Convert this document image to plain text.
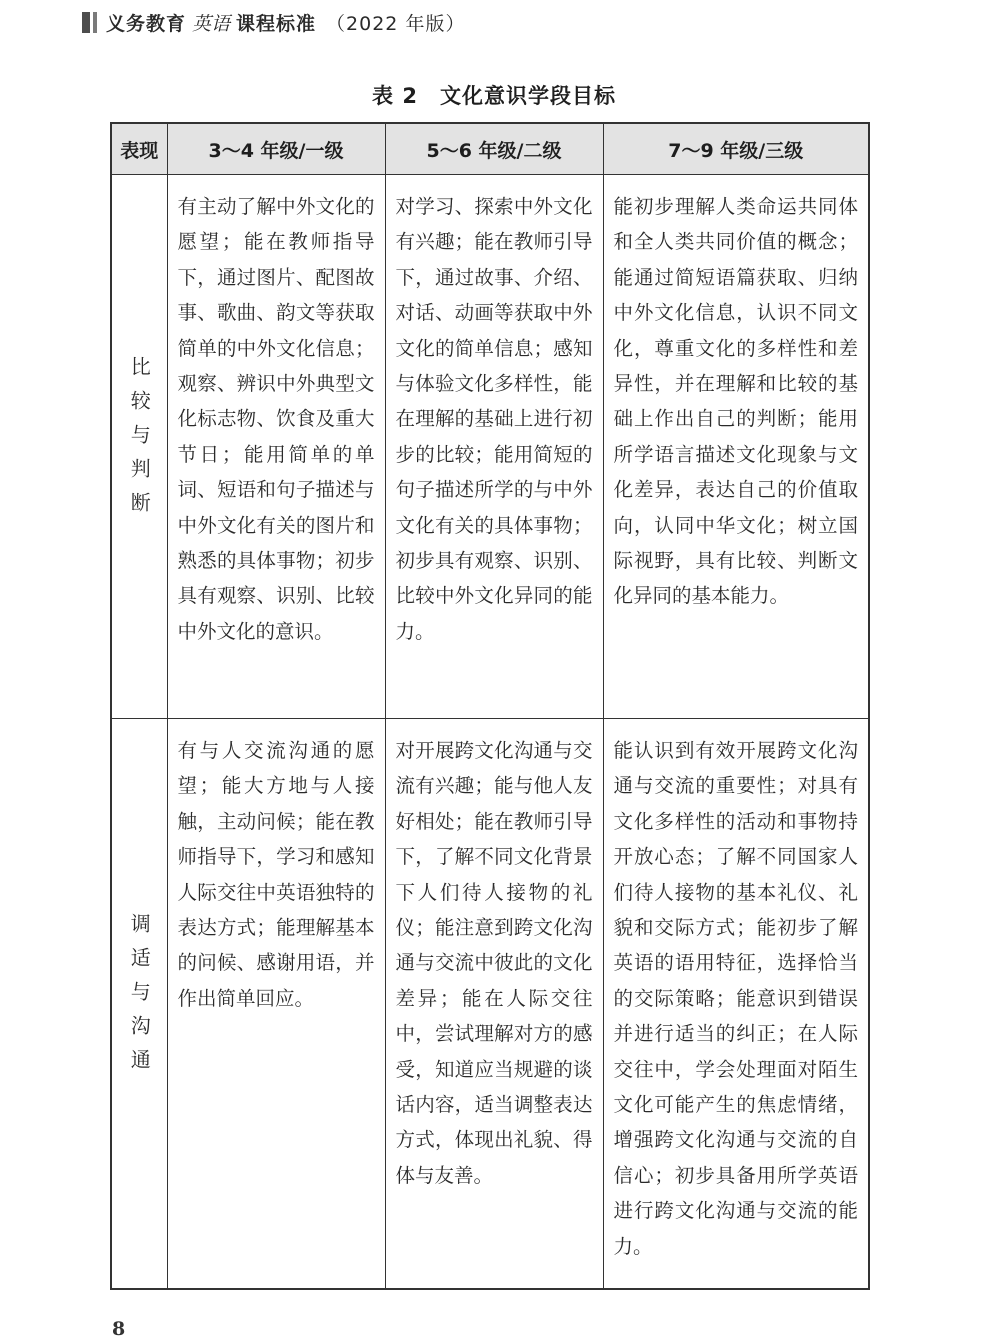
义务教育 英语 课程标准 （2022 年版）
表 2　文化意识学段目标
表现	3～4 年级/一级	5～6 年级/二级	7～9 年级/三级
比较与判断	有主动了解中外文化的愿望；能在教师指导下，通过图片、配图故事、歌曲、韵文等获取简单的中外文化信息；观察、辨识中外典型文化标志物、饮食及重大节日；能用简单的单词、短语和句子描述与中外文化有关的图片和熟悉的具体事物；初步具有观察、识别、比较中外文化的意识。	对学习、探索中外文化有兴趣；能在教师引导下，通过故事、介绍、对话、动画等获取中外文化的简单信息；感知与体验文化多样性，能在理解的基础上进行初步的比较；能用简短的句子描述所学的与中外文化有关的具体事物；初步具有观察、识别、比较中外文化异同的能力。	能初步理解人类命运共同体和全人类共同价值的概念；能通过简短语篇获取、归纳中外文化信息，认识不同文化，尊重文化的多样性和差异性，并在理解和比较的基础上作出自己的判断；能用所学语言描述文化现象与文化差异，表达自己的价值取向，认同中华文化；树立国际视野，具有比较、判断文化异同的基本能力。
调适与沟通	有与人交流沟通的愿望；能大方地与人接触，主动问候；能在教师指导下，学习和感知人际交往中英语独特的表达方式；能理解基本的问候、感谢用语，并作出简单回应。	对开展跨文化沟通与交流有兴趣；能与他人友好相处；能在教师引导下，了解不同文化背景下人们待人接物的礼仪；能注意到跨文化沟通与交流中彼此的文化差异；能在人际交往中，尝试理解对方的感受，知道应当规避的谈话内容，适当调整表达方式，体现出礼貌、得体与友善。	能认识到有效开展跨文化沟通与交流的重要性；对具有文化多样性的活动和事物持开放心态；了解不同国家人们待人接物的基本礼仪、礼貌和交际方式；能初步了解英语的语用特征，选择恰当的交际策略；能意识到错误并进行适当的纠正；在人际交往中，学会处理面对陌生文化可能产生的焦虑情绪，增强跨文化沟通与交流的自信心；初步具备用所学英语进行跨文化沟通与交流的能力。
8
